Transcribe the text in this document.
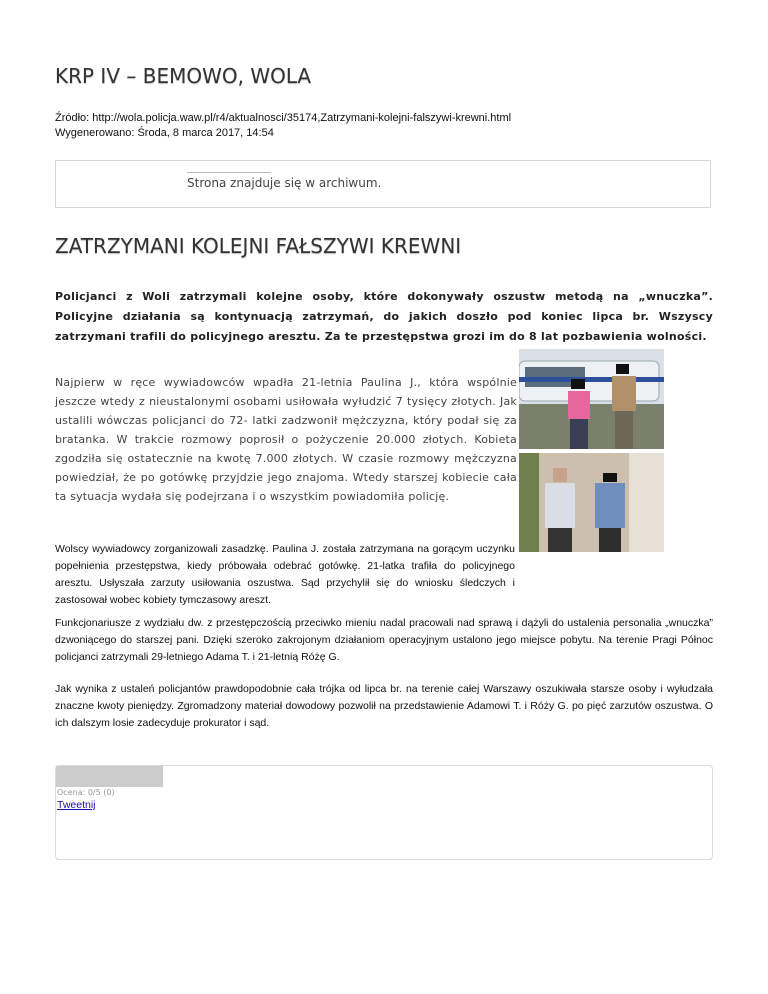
KRP IV – BEMOWO, WOLA
Źródło: http://wola.policja.waw.pl/r4/aktualnosci/35174,Zatrzymani-kolejni-falszywi-krewni.html
Wygenerowano: Środa, 8 marca 2017, 14:54
Strona znajduje się w archiwum.
ZATRZYMANI KOLEJNI FAŁSZYWI KREWNI
Policjanci z Woli zatrzymali kolejne osoby, które dokonywały oszustw metodą na „wnuczka”. Policyjne działania są kontynuacją zatrzymań, do jakich doszło pod koniec lipca br. Wszyscy zatrzymani trafili do policyjnego aresztu. Za te przestępstwa grozi im do 8 lat pozbawienia wolności.
Najpierw w ręce wywiadowców wpadła 21-letnia Paulina J., która wspólnie jeszcze wtedy z nieustalonymi osobami usiłowała wyłudzić 7 tysięcy złotych. Jak ustalili wówczas policjanci do 72- latki zadzwonił mężczyzna, który podał się za bratanka. W trakcie rozmowy poprosił o pożyczenie 20.000 złotych. Kobieta zgodziła się ostatecznie na kwotę 7.000 złotych. W czasie rozmowy mężczyzna powiedział, że po gotówkę przyjdzie jego znajoma. Wtedy starszej kobiecie cała ta sytuacja wydała się podejrzana i o wszystkim powiadomiła policję.
Wolscy wywiadowcy zorganizowali zasadzkę. Paulina J. została zatrzymana na gorącym uczynku popełnienia przestępstwa, kiedy próbowała odebrać gotówkę. 21-latka trafiła do policyjnego aresztu. Usłyszała zarzuty usiłowania oszustwa. Sąd przychylił się do wniosku śledczych i zastosował wobec kobiety tymczasowy areszt.
Funkcjonariusze z wydziału dw. z przestępczością przeciwko mieniu nadal pracowali nad sprawą i dążyli do ustalenia personalia „wnuczka” dzwoniącego do starszej pani. Dzięki szeroko zakrojonym działaniom operacyjnym ustalono jego miejsce pobytu. Na terenie Pragi Północ policjanci zatrzymali 29-letniego Adama T. i 21-letnią Różę G.
Jak wynika z ustaleń policjantów prawdopodobnie cała trójka od lipca br. na terenie całej Warszawy oszukiwała starsze osoby i wyłudzała znaczne kwoty pieniędzy. Zgromadzony materiał dowodowy pozwolił na przedstawienie Adamowi T. i Róży G. po pięć zarzutów oszustwa. O ich dalszym losie zadecyduje prokurator i sąd.
Ocena: 0/5 (0)
Tweetnij
